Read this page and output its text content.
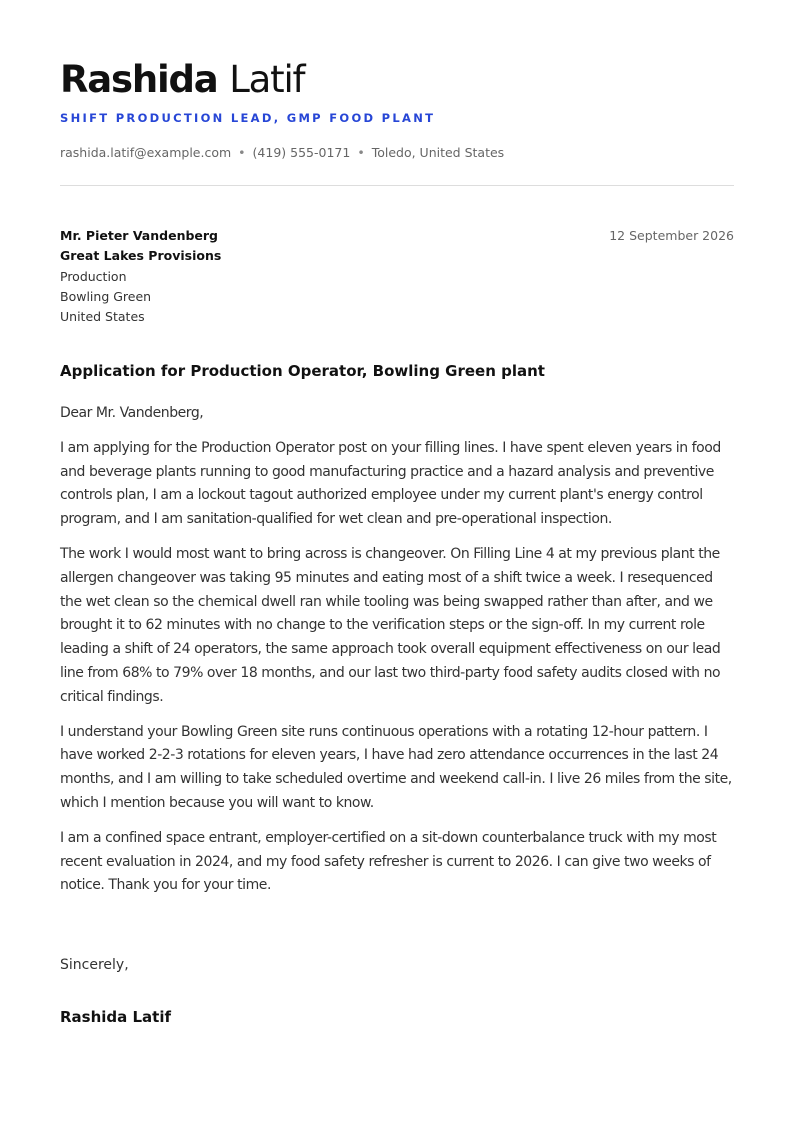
Rashida Latif
SHIFT PRODUCTION LEAD, GMP FOOD PLANT
rashida.latif@example.com • (419) 555-0171 • Toledo, United States
Mr. Pieter Vandenberg
Great Lakes Provisions
Production
Bowling Green
United States
12 September 2026
Application for Production Operator, Bowling Green plant

Dear Mr. Vandenberg,

I am applying for the Production Operator post on your filling lines. I have spent eleven years in food and beverage plants running to good manufacturing practice and a hazard analysis and preventive controls plan, I am a lockout tagout authorized employee under my current plant's energy control program, and I am sanitation-qualified for wet clean and pre-operational inspection.

The work I would most want to bring across is changeover. On Filling Line 4 at my previous plant the allergen changeover was taking 95 minutes and eating most of a shift twice a week. I resequenced the wet clean so the chemical dwell ran while tooling was being swapped rather than after, and we brought it to 62 minutes with no change to the verification steps or the sign-off. In my current role leading a shift of 24 operators, the same approach took overall equipment effectiveness on our lead line from 68% to 79% over 18 months, and our last two third-party food safety audits closed with no critical findings.

I understand your Bowling Green site runs continuous operations with a rotating 12-hour pattern. I have worked 2-2-3 rotations for eleven years, I have had zero attendance occurrences in the last 24 months, and I am willing to take scheduled overtime and weekend call-in. I live 26 miles from the site, which I mention because you will want to know.

I am a confined space entrant, employer-certified on a sit-down counterbalance truck with my most recent evaluation in 2024, and my food safety refresher is current to 2026. I can give two weeks of notice. Thank you for your time.

Sincerely,
Rashida Latif
